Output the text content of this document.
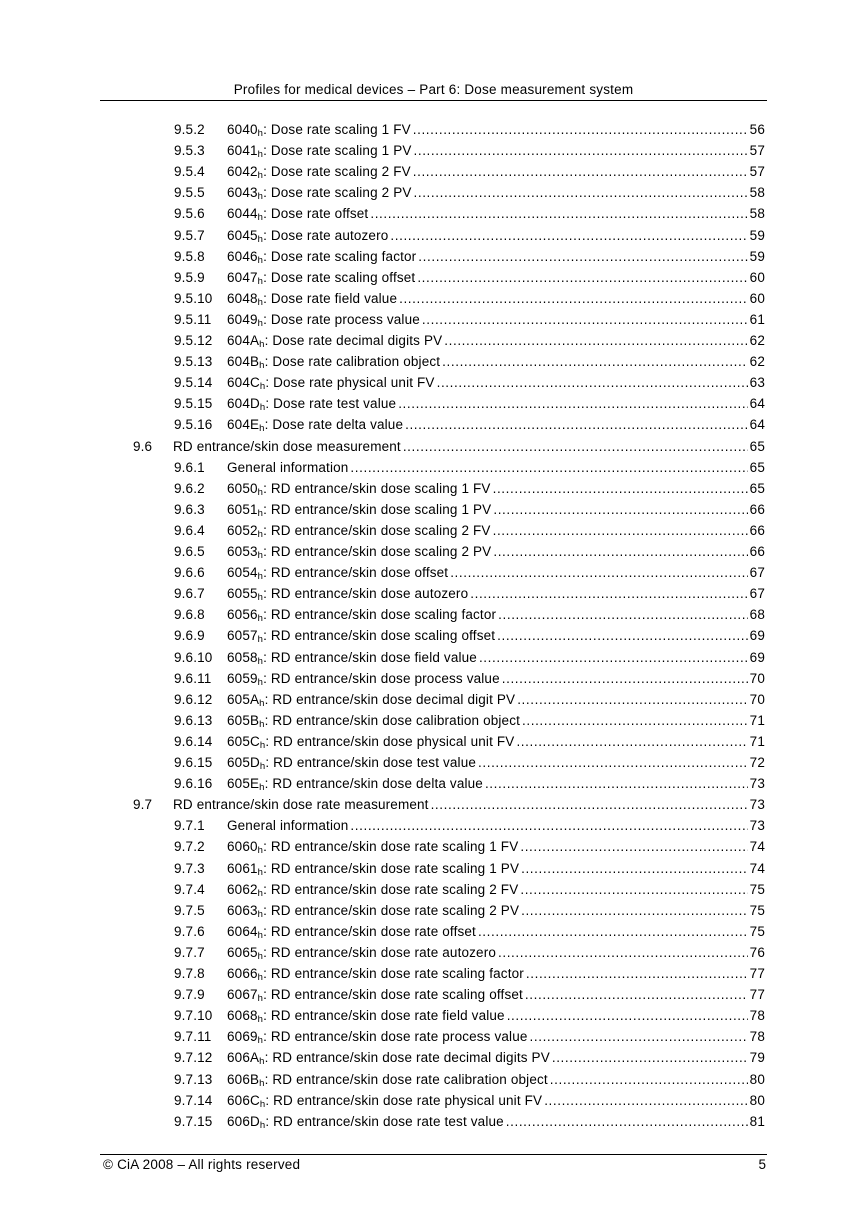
Profiles for medical devices – Part 6: Dose measurement system
9.5.2	$6040_h$: Dose rate scaling 1 FV .....	56
9.5.3	$6041_h$: Dose rate scaling 1 PV .....	57
9.5.4	$6042_h$: Dose rate scaling 2 FV .....	57
9.5.5	$6043_h$: Dose rate scaling 2 PV .....	58
9.5.6	$6044_h$: Dose rate offset .....	58
9.5.7	$6045_h$: Dose rate autozero .....	59
9.5.8	$6046_h$: Dose rate scaling factor .....	59
9.5.9	$6047_h$: Dose rate scaling offset .....	60
9.5.10	$6048_h$: Dose rate field value .....	60
9.5.11	$6049_h$: Dose rate process value .....	61
9.5.12	$604A_h$: Dose rate decimal digits PV .....	62
9.5.13	$604B_h$: Dose rate calibration object .....	62
9.5.14	$604C_h$: Dose rate physical unit FV .....	63
9.5.15	$604D_h$: Dose rate test value .....	64
9.5.16	$604E_h$: Dose rate delta value .....	64
9.6	RD entrance/skin dose measurement .....	65
9.6.1	General information .....	65
9.6.2	$6050_h$: RD entrance/skin dose scaling 1 FV .....	65
9.6.3	$6051_h$: RD entrance/skin dose scaling 1 PV .....	66
9.6.4	$6052_h$: RD entrance/skin dose scaling 2 FV .....	66
9.6.5	$6053_h$: RD entrance/skin dose scaling 2 PV .....	66
9.6.6	$6054_h$: RD entrance/skin dose offset .....	67
9.6.7	$6055_h$: RD entrance/skin dose autozero .....	67
9.6.8	$6056_h$: RD entrance/skin dose scaling factor .....	68
9.6.9	$6057_h$: RD entrance/skin dose scaling offset .....	69
9.6.10	$6058_h$: RD entrance/skin dose field value .....	69
9.6.11	$6059_h$: RD entrance/skin dose process value .....	70
9.6.12	$605A_h$: RD entrance/skin dose decimal digit PV .....	70
9.6.13	$605B_h$: RD entrance/skin dose calibration object .....	71
9.6.14	$605C_h$: RD entrance/skin dose physical unit FV .....	71
9.6.15	$605D_h$: RD entrance/skin dose test value .....	72
9.6.16	$605E_h$: RD entrance/skin dose delta value .....	73
9.7	RD entrance/skin dose rate measurement .....	73
9.7.1	General information .....	73
9.7.2	$6060_h$: RD entrance/skin dose rate scaling 1 FV .....	74
9.7.3	$6061_h$: RD entrance/skin dose rate scaling 1 PV .....	74
9.7.4	$6062_h$: RD entrance/skin dose rate scaling 2 FV .....	75
9.7.5	$6063_h$: RD entrance/skin dose rate scaling 2 PV .....	75
9.7.6	$6064_h$: RD entrance/skin dose rate offset .....	75
9.7.7	$6065_h$: RD entrance/skin dose rate autozero .....	76
9.7.8	$6066_h$: RD entrance/skin dose rate scaling factor .....	77
9.7.9	$6067_h$: RD entrance/skin dose rate scaling offset .....	77
9.7.10	$6068_h$: RD entrance/skin dose rate field value .....	78
9.7.11	$6069_h$: RD entrance/skin dose rate process value .....	78
9.7.12	$606A_h$: RD entrance/skin dose rate decimal digits PV .....	79
9.7.13	$606B_h$: RD entrance/skin dose rate calibration object .....	80
9.7.14	$606C_h$: RD entrance/skin dose rate physical unit FV .....	80
9.7.15	$606D_h$: RD entrance/skin dose rate test value .....	81
© CiA 2008 – All rights reserved	5
